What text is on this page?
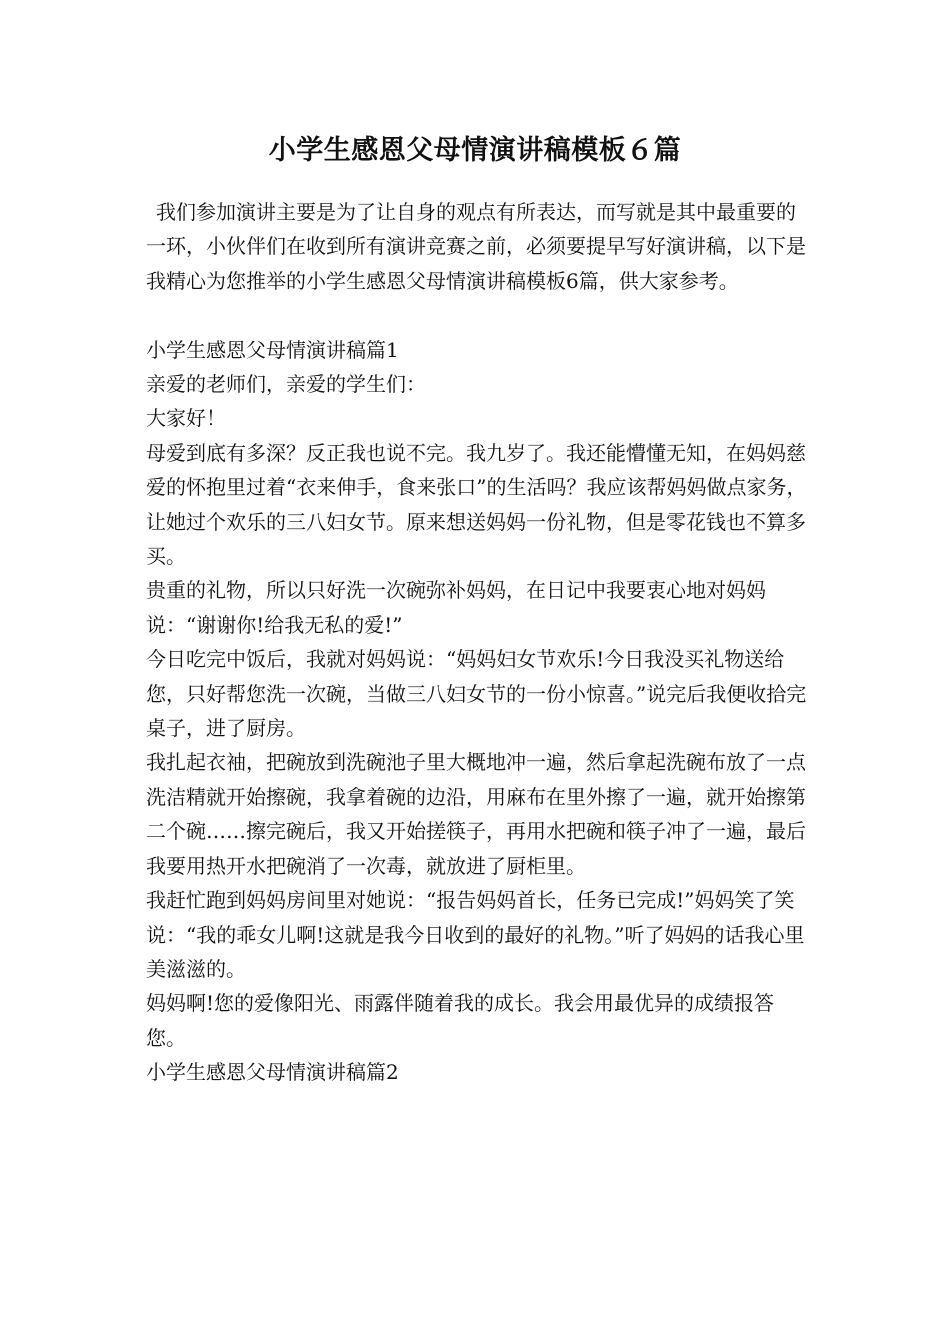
小学生感恩父母情演讲稿模板６篇

我们参加演讲主要是为了让自身的观点有所表达，而写就是其中最重要的一环，小伙伴们在收到所有演讲竞赛之前，必须要提早写好演讲稿，以下是我精心为您推举的小学生感恩父母情演讲稿模板6篇，供大家参考。

小学生感恩父母情演讲稿篇1

亲爱的老师们，亲爱的学生们：

大家好！

母爱到底有多深？反正我也说不完。我九岁了。我还能懵懂无知，在妈妈慈爱的怀抱里过着“衣来伸手，食来张口”的生活吗？我应该帮妈妈做点家务，让她过个欢乐的三八妇女节。原来想送妈妈一份礼物，但是零花钱也不算多买。

贵重的礼物，所以只好洗一次碗弥补妈妈，在日记中我要衷心地对妈妈说：“谢谢你!给我无私的爱!”

今日吃完中饭后，我就对妈妈说：“妈妈妇女节欢乐!今日我没买礼物送给您，只好帮您洗一次碗，当做三八妇女节的一份小惊喜。”说完后我便收拾完桌子，进了厨房。

我扎起衣袖，把碗放到洗碗池子里大概地冲一遍，然后拿起洗碗布放了一点洗洁精就开始擦碗，我拿着碗的边沿，用麻布在里外擦了一遍，就开始擦第二个碗……擦完碗后，我又开始搓筷子，再用水把碗和筷子冲了一遍，最后我要用热开水把碗消了一次毒，就放进了厨柜里。

我赶忙跑到妈妈房间里对她说：“报告妈妈首长，任务已完成!”妈妈笑了笑说：“我的乖女儿啊!这就是我今日收到的最好的礼物。”听了妈妈的话我心里美滋滋的。

妈妈啊!您的爱像阳光、雨露伴随着我的成长。我会用最优异的成绩报答您。

小学生感恩父母情演讲稿篇2
